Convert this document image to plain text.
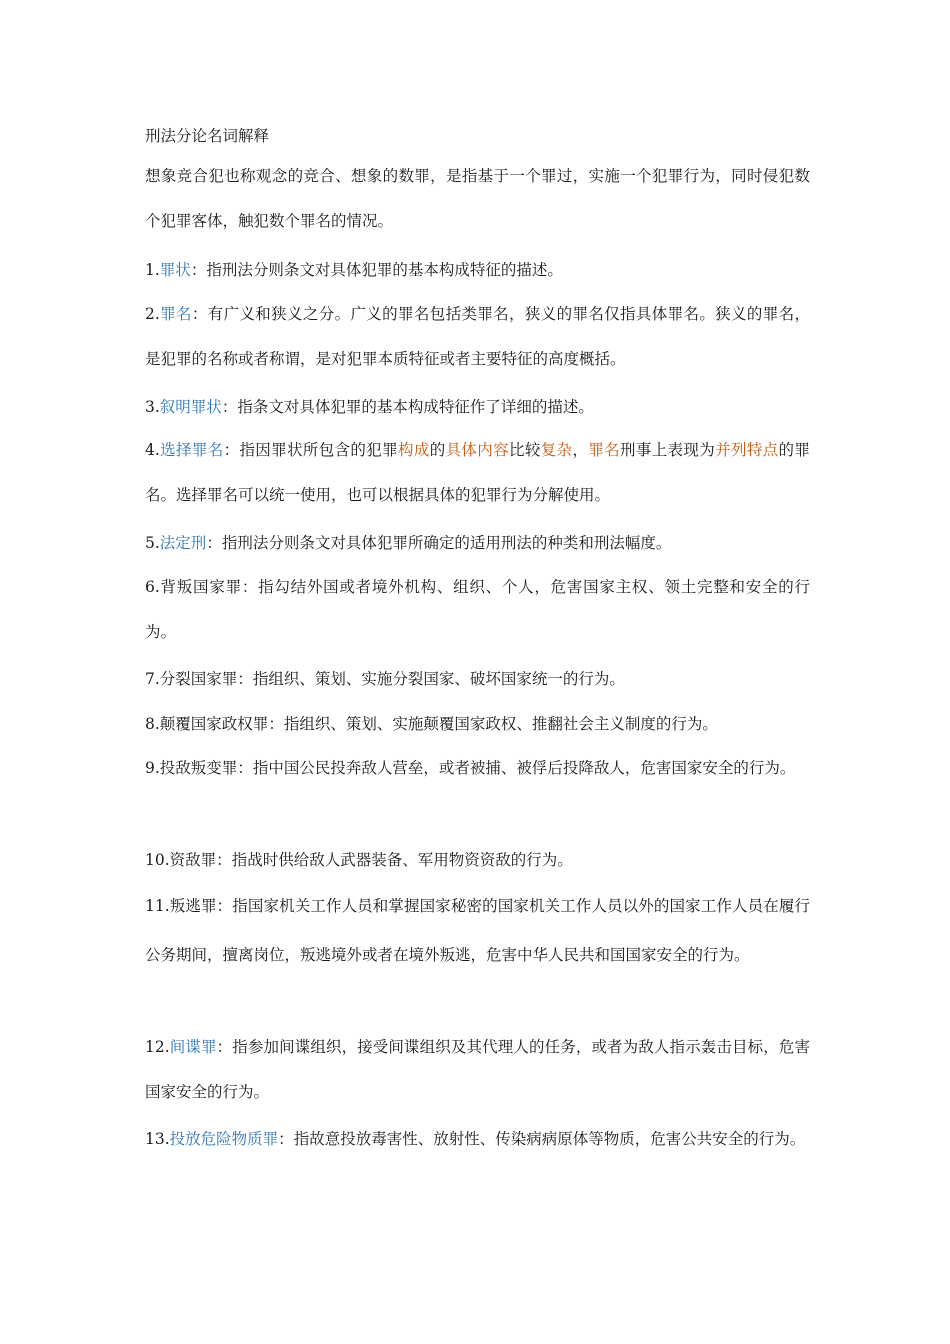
刑法分论名词解释

想象竞合犯也称观念的竞合、想象的数罪，是指基于一个罪过，实施一个犯罪行为，同时侵犯数个犯罪客体，触犯数个罪名的情况。

1.罪状：指刑法分则条文对具体犯罪的基本构成特征的描述。

2.罪名：有广义和狭义之分。广义的罪名包括类罪名，狭义的罪名仅指具体罪名。狭义的罪名，是犯罪的名称或者称谓，是对犯罪本质特征或者主要特征的高度概括。

3.叙明罪状：指条文对具体犯罪的基本构成特征作了详细的描述。

4.选择罪名：指因罪状所包含的犯罪构成的具体内容比较复杂，罪名刑事上表现为并列特点的罪名。选择罪名可以统一使用，也可以根据具体的犯罪行为分解使用。

5.法定刑：指刑法分则条文对具体犯罪所确定的适用刑法的种类和刑法幅度。

6.背叛国家罪：指勾结外国或者境外机构、组织、个人，危害国家主权、领土完整和安全的行为。

7.分裂国家罪：指组织、策划、实施分裂国家、破坏国家统一的行为。

8.颠覆国家政权罪：指组织、策划、实施颠覆国家政权、推翻社会主义制度的行为。

9.投敌叛变罪：指中国公民投奔敌人营垒，或者被捕、被俘后投降敌人，危害国家安全的行为。

10.资敌罪：指战时供给敌人武器装备、军用物资资敌的行为。

11.叛逃罪：指国家机关工作人员和掌握国家秘密的国家机关工作人员以外的国家工作人员在履行公务期间，擅离岗位，叛逃境外或者在境外叛逃，危害中华人民共和国国家安全的行为。

12.间谍罪：指参加间谍组织，接受间谍组织及其代理人的任务，或者为敌人指示轰击目标，危害国家安全的行为。

13.投放危险物质罪：指故意投放毒害性、放射性、传染病病原体等物质，危害公共安全的行为。
